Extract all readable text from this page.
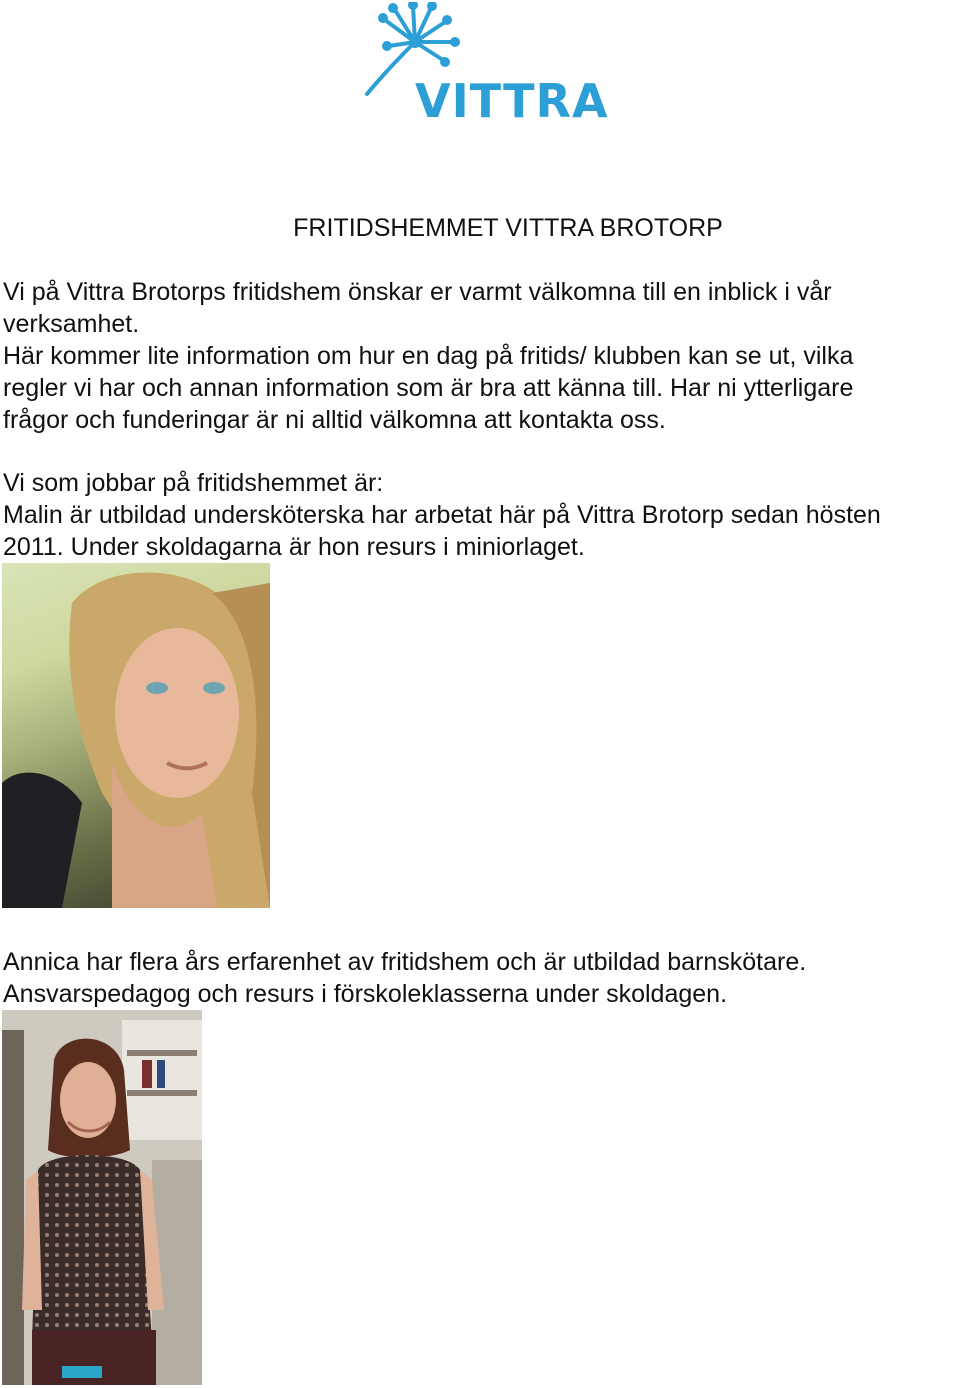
VITTRA
FRITIDSHEMMET VITTRA BROTORP
Vi på Vittra Brotorps fritidshem önskar er varmt välkomna till en inblick i vår
verksamhet.
Här kommer lite information om hur en dag på fritids/ klubben kan se ut, vilka
regler vi har och annan information som är bra att känna till. Har ni ytterligare
frågor och funderingar är ni alltid välkomna att kontakta oss.
Vi som jobbar på fritidshemmet är:
Malin är utbildad undersköterska har arbetat här på Vittra Brotorp sedan hösten
2011. Under skoldagarna är hon resurs i miniorlaget.
Annica har flera års erfarenhet av fritidshem och är utbildad barnskötare.
Ansvarspedagog och resurs i förskoleklasserna under skoldagen.
